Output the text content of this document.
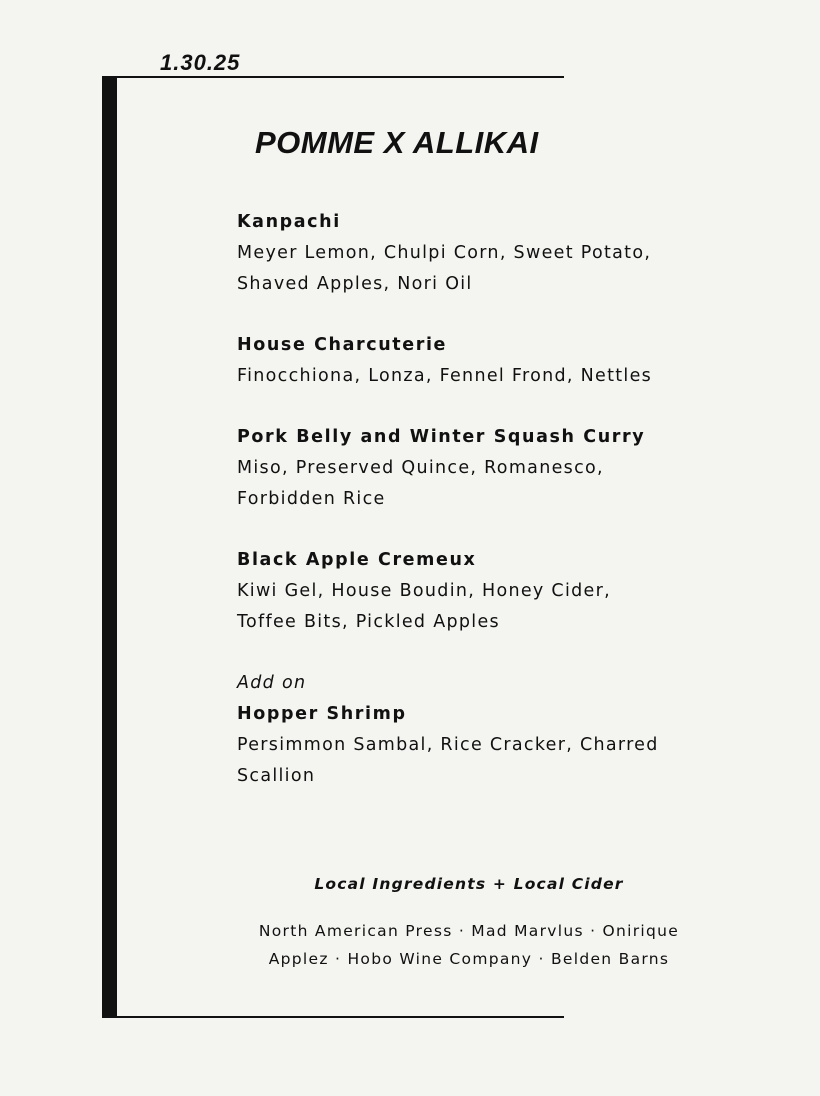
1.30.25
POMME X ALLIKAI
Kanpachi
Meyer Lemon, Chulpi Corn, Sweet Potato,
Shaved Apples, Nori Oil
House Charcuterie
Finocchiona, Lonza, Fennel Frond, Nettles
Pork Belly and Winter Squash Curry
Miso, Preserved Quince, Romanesco,
Forbidden Rice
Black Apple Cremeux
Kiwi Gel, House Boudin, Honey Cider,
Toffee Bits, Pickled Apples
Add on
Hopper Shrimp
Persimmon Sambal, Rice Cracker, Charred
Scallion
Local Ingredients + Local Cider
North American Press · Mad Marvlus · Onirique
Applez · Hobo Wine Company · Belden Barns
